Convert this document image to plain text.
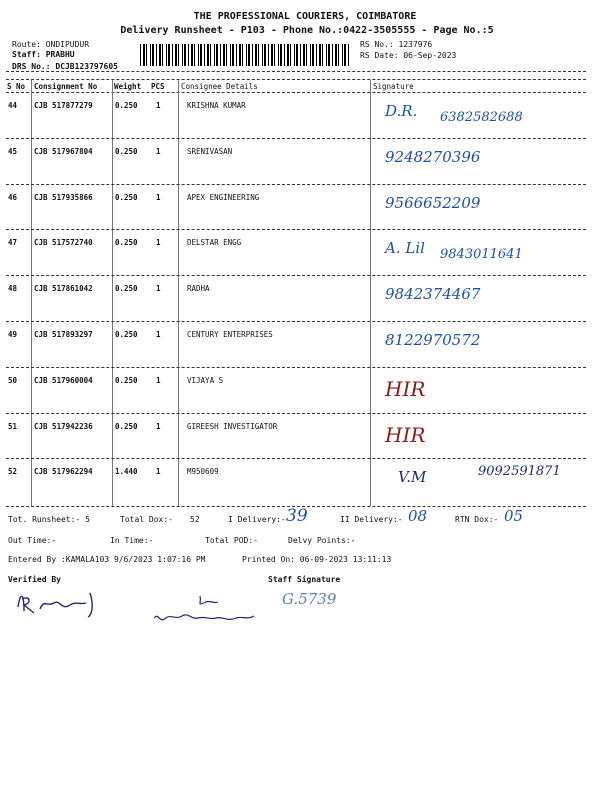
THE PROFESSIONAL COURIERS, COIMBATORE
Delivery Runsheet - P103 - Phone No.:0422-3505555 - Page No.:5
Route: ONDIPUDUR
Staff: PRABHU
DRS No.: DCJB123797605
RS No.: 1237976
RS Date: 06-Sep-2023
S No Consignment No Weight PCS Consignee Details	Signature
44 CJB 517877279	0.250 1	KRISHNA KUMAR	D.R. 6382582688
45 CJB 517967804	0.250 1	SRENIVASAN	9248270396
46 CJB 517935866	0.250 1	APEX ENGINEERING	9566652209
47 CJB 517572740	0.250 1	DELSTAR ENGG	A. Lil 9843011641
48 CJB 517861042	0.250 1	RADHA	9842374467
49 CJB 517893297	0.250 1	CENTURY ENTERPRISES	8122970572
50 CJB 517960004	0.250 1	VIJAYA S	HIR
51 CJB 517942236	0.250 1	GIREESH INVESTIGATOR	HIR
52 CJB 517962294	1.440 1	M950609	V.M	9092591871
Tot. Runsheet:- 5	Total Dox:- 52	I Delivery:- 39	II Delivery:- 08	RTN Dox:- 05
Out Time:-	In Time:-	Total POD:-	Delvy Points:-
Entered By :KAMALA103 9/6/2023 1:07:16 PM	Printed On: 06-09-2023 13:11:13
Verified By	Staff Signature
G.5739
